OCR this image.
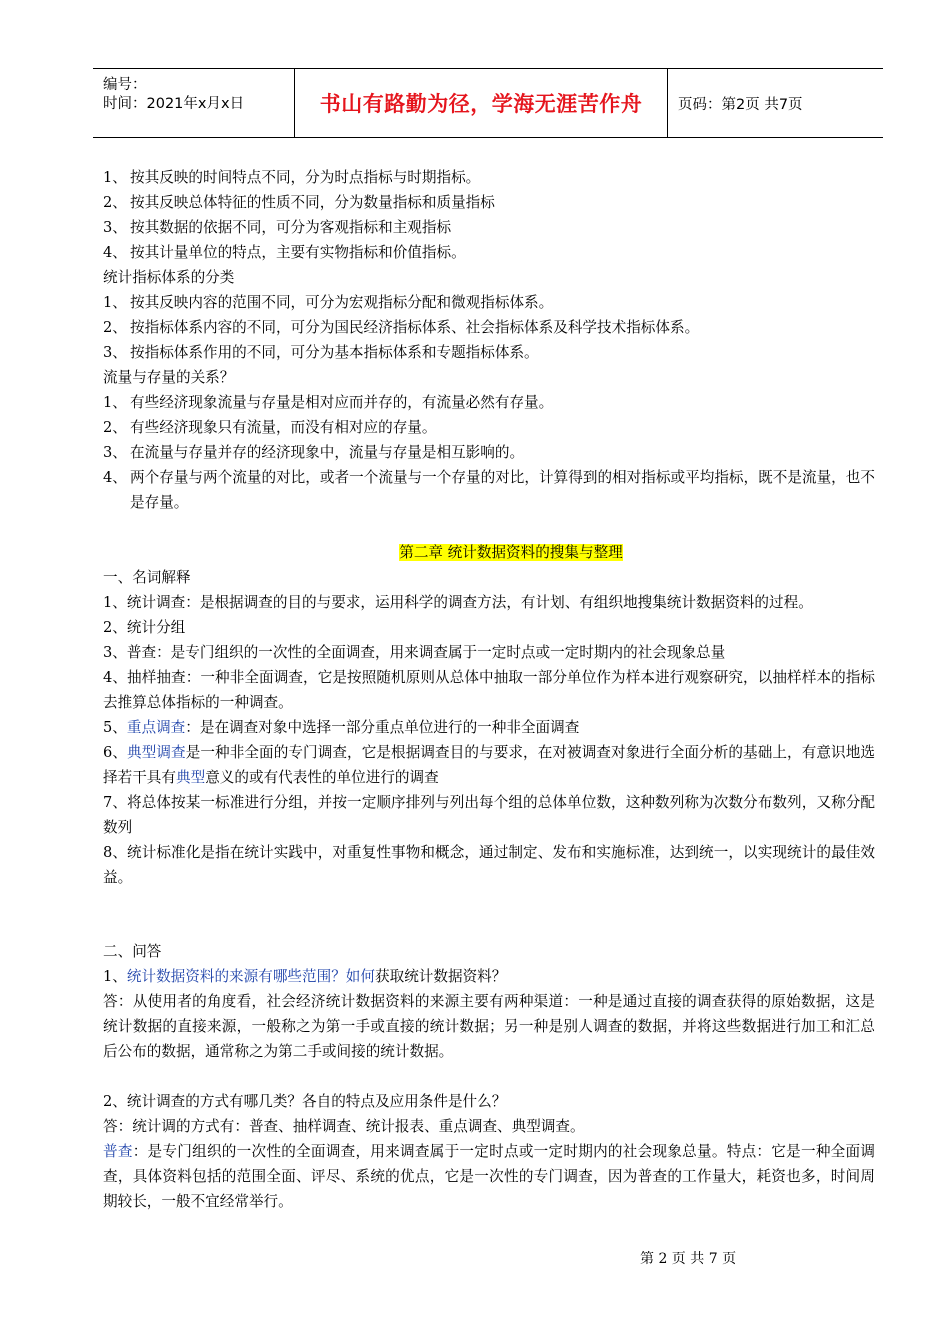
编号：
时间：2021年x月x日	书山有路勤为径，学海无涯苦作舟 页码：第2页 共7页
1、 按其反映的时间特点不同，分为时点指标与时期指标。
2、 按其反映总体特征的性质不同，分为数量指标和质量指标
3、 按其数据的依据不同，可分为客观指标和主观指标
4、 按其计量单位的特点，主要有实物指标和价值指标。

统计指标体系的分类

1、 按其反映内容的范围不同，可分为宏观指标分配和微观指标体系。
2、 按指标体系内容的不同，可分为国民经济指标体系、社会指标体系及科学技术指标体系。
3、 按指标体系作用的不同，可分为基本指标体系和专题指标体系。

流量与存量的关系？

1、 有些经济现象流量与存量是相对应而并存的，有流量必然有存量。
2、 有些经济现象只有流量，而没有相对应的存量。
3、 在流量与存量并存的经济现象中，流量与存量是相互影响的。
4、 两个存量与两个流量的对比，或者一个流量与一个存量的对比，计算得到的相对指标或平均指标，既不是流量，也不是存量。

第二章 统计数据资料的搜集与整理

一、名词解释

1、统计调查：是根据调查的目的与要求，运用科学的调查方法，有计划、有组织地搜集统计数据资料的过程。

2、统计分组

3、普查：是专门组织的一次性的全面调查，用来调查属于一定时点或一定时期内的社会现象总量

4、抽样抽查：一种非全面调查，它是按照随机原则从总体中抽取一部分单位作为样本进行观察研究，以抽样样本的指标去推算总体指标的一种调查。

5、重点调查：是在调查对象中选择一部分重点单位进行的一种非全面调查

6、典型调查是一种非全面的专门调查，它是根据调查目的与要求，在对被调查对象进行全面分析的基础上，有意识地选择若干具有典型意义的或有代表性的单位进行的调查

7、将总体按某一标准进行分组，并按一定顺序排列与列出每个组的总体单位数，这种数列称为次数分布数列，又称分配数列

8、统计标准化是指在统计实践中，对重复性事物和概念，通过制定、发布和实施标准，达到统一，以实现统计的最佳效益。

二、问答

1、统计数据资料的来源有哪些范围？如何获取统计数据资料？

答：从使用者的角度看，社会经济统计数据资料的来源主要有两种渠道：一种是通过直接的调查获得的原始数据，这是统计数据的直接来源，一般称之为第一手或直接的统计数据；另一种是别人调查的数据，并将这些数据进行加工和汇总后公布的数据，通常称之为第二手或间接的统计数据。

2、统计调查的方式有哪几类？各自的特点及应用条件是什么？

答：统计调的方式有：普查、抽样调查、统计报表、重点调查、典型调查。

普查：是专门组织的一次性的全面调查，用来调查属于一定时点或一定时期内的社会现象总量。特点：它是一种全面调查，具体资料包括的范围全面、评尽、系统的优点，它是一次性的专门调查，因为普查的工作量大，耗资也多，时间周期较长，一般不宜经常举行。

第 2 页 共 7 页
